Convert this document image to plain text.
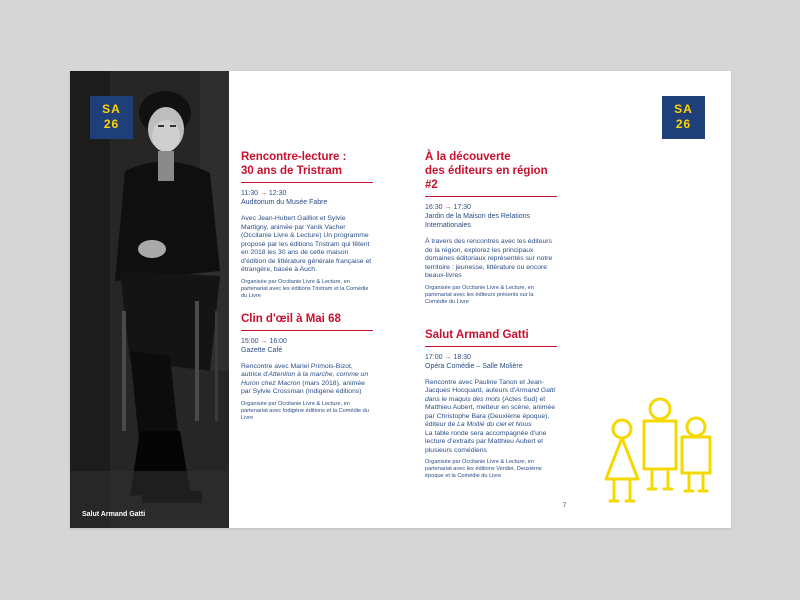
SA
26
Salut Armand Gatti
SA
26
Rencontre-lecture :
30 ans de Tristram
11:30 → 12:30
Auditorium du Musée Fabre
Avec Jean-Hubert Gailliot et Sylvie Martigny, animée par Yanik Vacher (Occitanie Livre & Lecture) Un programme proposé par les éditions Tristram qui fêtent en 2018 les 30 ans de cette maison d'édition de littérature générale française et étrangère, basée à Auch.
Organisée par Occitanie Livre & Lecture, en partenariat avec les éditions Tristram et la Comédie du Livre
Clin d'œil à Mai 68
15:00 → 16:00
Gazette Café
Rencontre avec Mariel Primois-Bizot, autrice d'Attention à la marche, comme un Huron chez Macron (mars 2018), animée par Sylvie Crossman (Indigène éditions)
Organisée par Occitanie Livre & Lecture, en partenariat avec Indigène éditions et la Comédie du Livre
À la découverte
des éditeurs en région #2
16:30 → 17:30
Jardin de la Maison des Relations Internationales
À travers des rencontres avec les éditeurs de la région, explorez les principaux domaines éditoriaux représentés sur notre territoire : jeunesse, littérature ou encore beaux-livres
Organisée par Occitanie Livre & Lecture, en partenariat avec les éditeurs présents sur la Comédie du Livre
Salut Armand Gatti
17:00 → 18:30
Opéra Comédie – Salle Molière
Rencontre avec Pauline Tanon et Jean-Jacques Hocquard, auteurs d'Armand Gatti dans le maquis des mots (Actes Sud) et Matthieu Aubert, metteur en scène, animée par Christophe Bara (Deuxième époque), éditeur de La Moitié du ciel et Nous
La table ronde sera accompagnée d'une lecture d'extraits par Matthieu Aubert et plusieurs comédiens
Organisée par Occitanie Livre & Lecture, en partenariat avec les éditions Verdier, Deuxième époque et la Comédie du Livre
7
